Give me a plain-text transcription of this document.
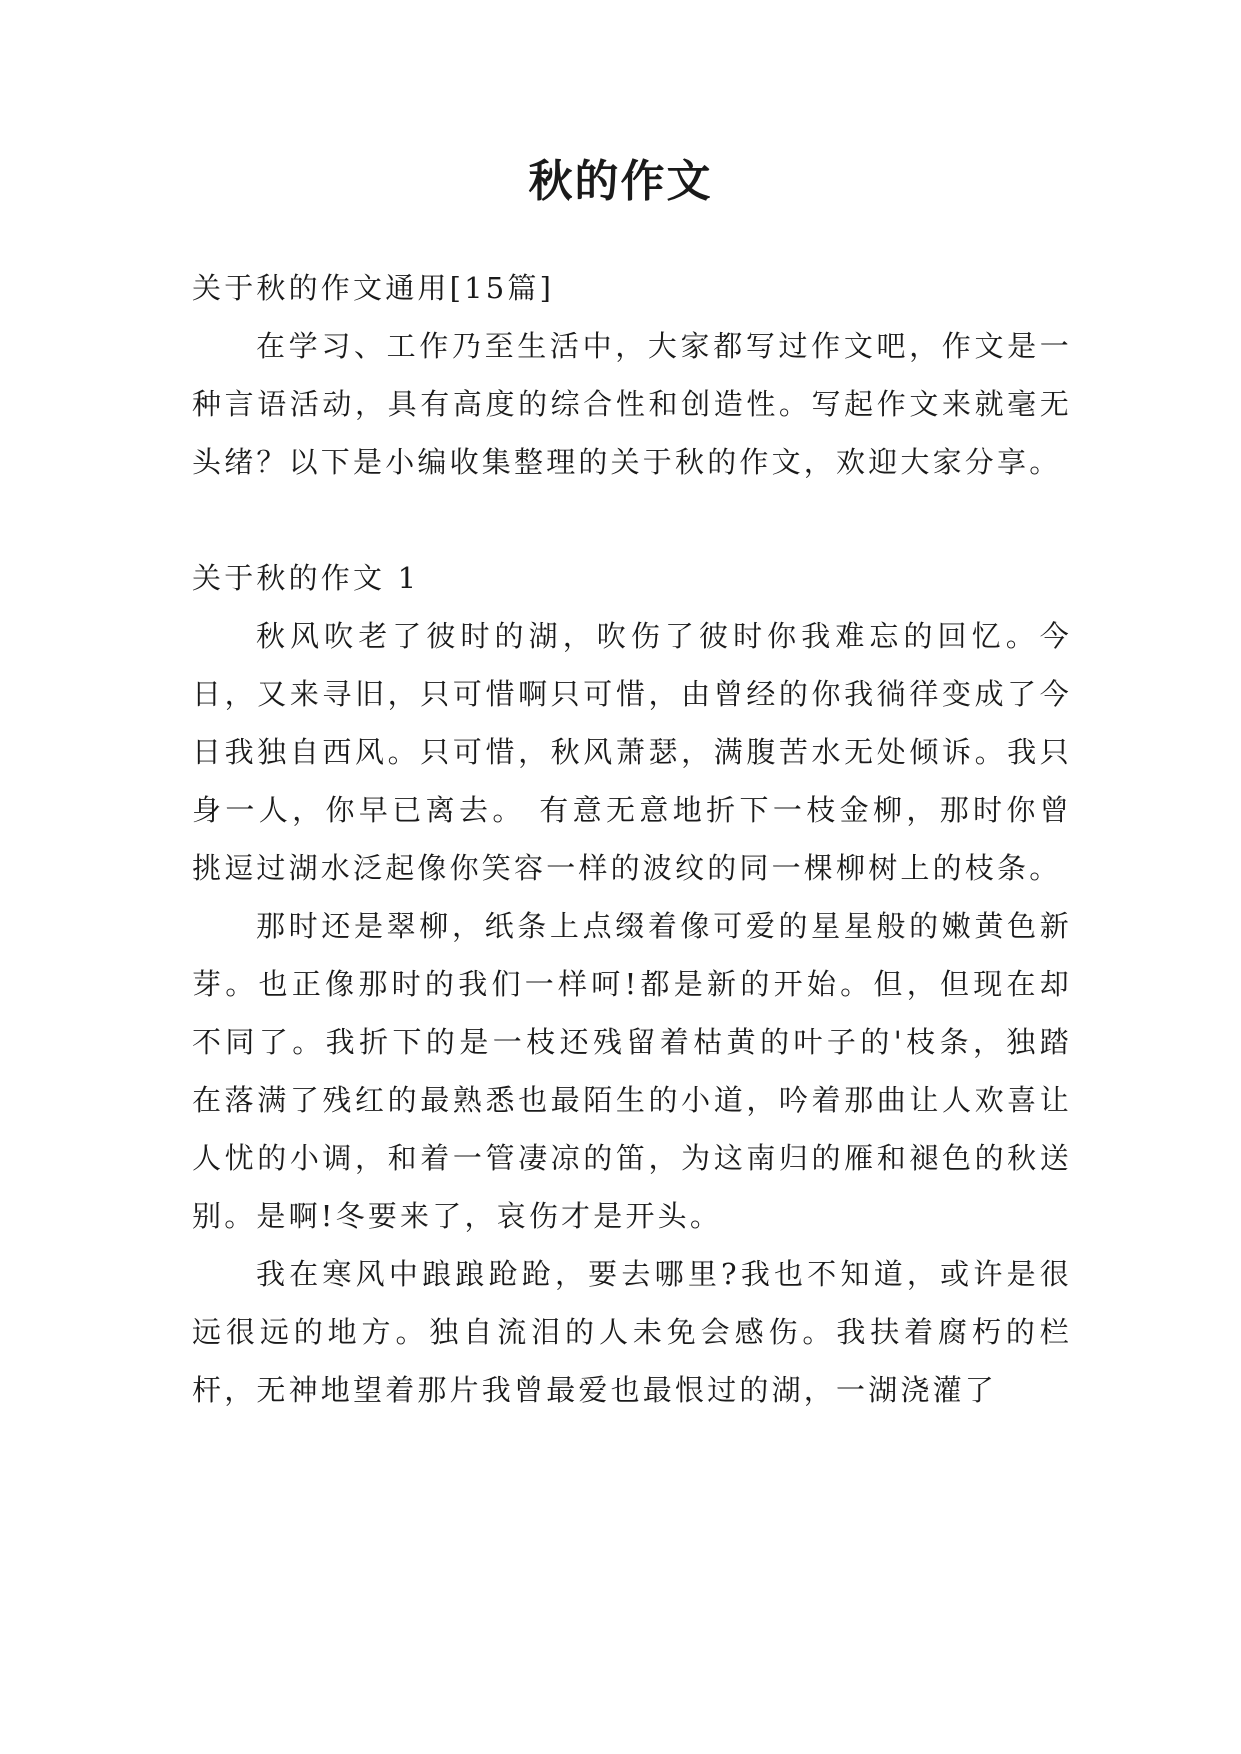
秋的作文

关于秋的作文通用[15篇]

在学习、工作乃至生活中，大家都写过作文吧，作文是一种言语活动，具有高度的综合性和创造性。写起作文来就毫无头绪？以下是小编收集整理的关于秋的作文，欢迎大家分享。

关于秋的作文 1

秋风吹老了彼时的湖，吹伤了彼时你我难忘的回忆。今日，又来寻旧，只可惜啊只可惜，由曾经的你我徜徉变成了今日我独自西风。只可惜，秋风萧瑟，满腹苦水无处倾诉。我只身一人，你早已离去。 有意无意地折下一枝金柳，那时你曾挑逗过湖水泛起像你笑容一样的波纹的同一棵柳树上的枝条。

那时还是翠柳，纸条上点缀着像可爱的星星般的嫩黄色新芽。也正像那时的我们一样呵!都是新的开始。但，但现在却不同了。我折下的是一枝还残留着枯黄的叶子的'枝条，独踏在落满了残红的最熟悉也最陌生的小道，吟着那曲让人欢喜让人忧的小调，和着一管凄凉的笛，为这南归的雁和褪色的秋送别。是啊!冬要来了，哀伤才是开头。

我在寒风中踉踉跄跄，要去哪里?我也不知道，或许是很远很远的地方。独自流泪的人未免会感伤。我扶着腐朽的栏杆，无神地望着那片我曾最爱也最恨过的湖，一湖浇灌了
